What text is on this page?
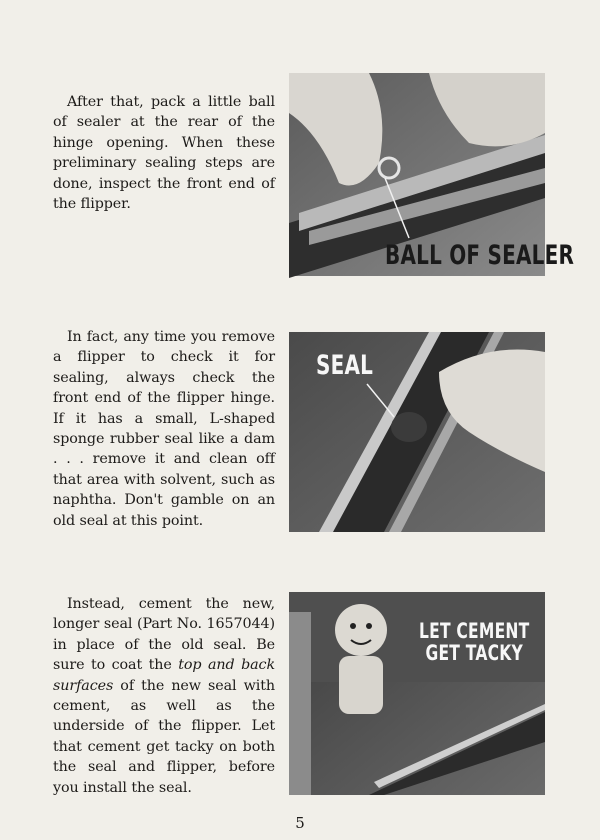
After that, pack a little ball of sealer at the rear of the hinge opening. When these preliminary sealing steps are done, inspect the front end of the flipper.

BALL OF SEALER

In fact, any time you remove a flipper to check it for sealing, always check the front end of the flipper hinge. If it has a small, L-shaped sponge rubber seal like a dam . . . remove it and clean off that area with solvent, such as naphtha. Don't gamble on an old seal at this point.

SEAL

Instead, cement the new, longer seal (Part No. 1657044) in place of the old seal. Be sure to coat the top and back surfaces of the new seal with cement, as well as the underside of the flipper. Let that cement get tacky on both the seal and flipper, before you install the seal.

LET CEMENT
GET TACKY
5
